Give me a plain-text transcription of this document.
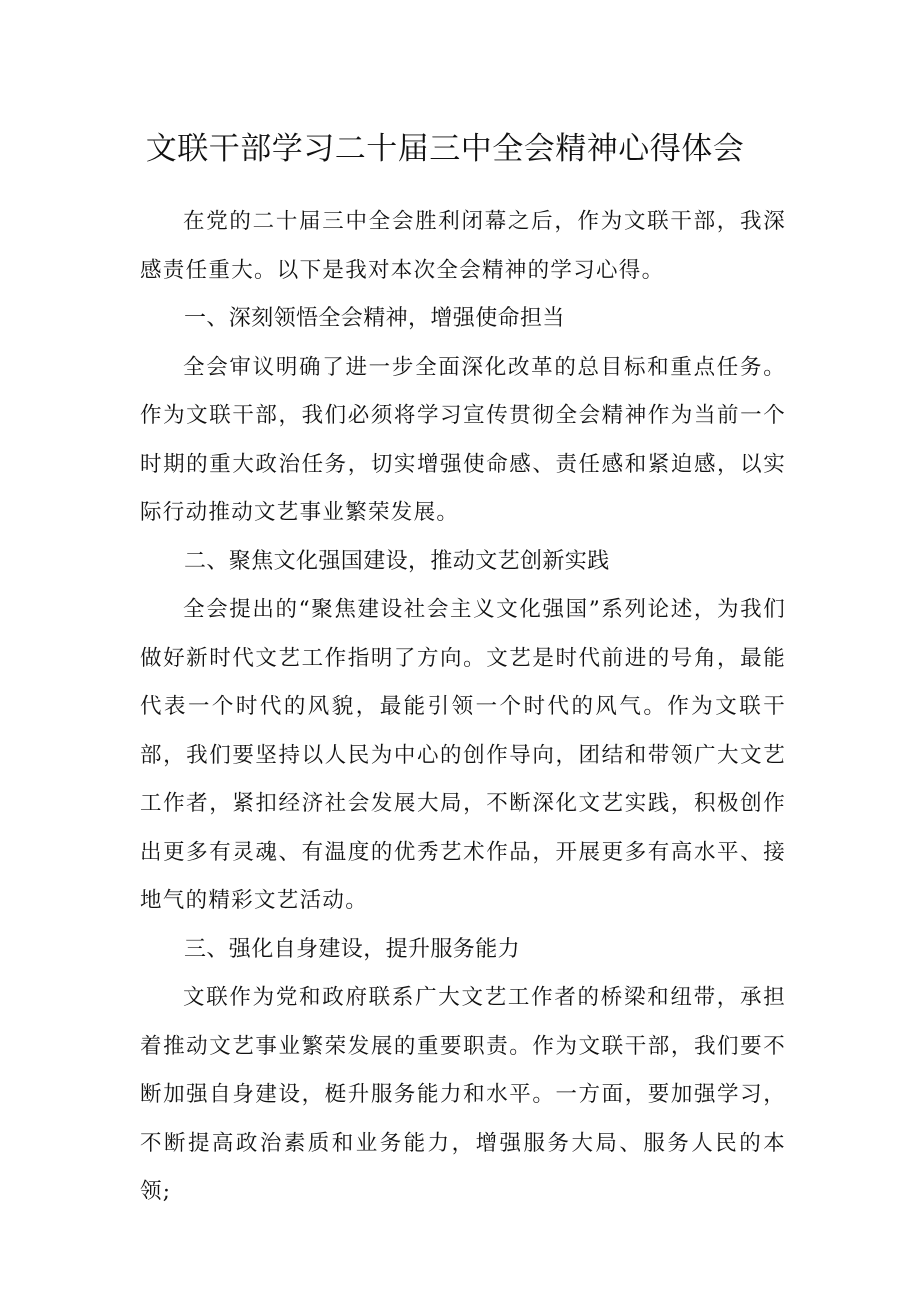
文联干部学习二十届三中全会精神心得体会

在党的二十届三中全会胜利闭幕之后，作为文联干部，我深感责任重大。以下是我对本次全会精神的学习心得。

一、深刻领悟全会精神，增强使命担当

全会审议明确了进一步全面深化改革的总目标和重点任务。作为文联干部，我们必须将学习宣传贯彻全会精神作为当前一个时期的重大政治任务，切实增强使命感、责任感和紧迫感，以实际行动推动文艺事业繁荣发展。

二、聚焦文化强国建设，推动文艺创新实践

全会提出的“聚焦建设社会主义文化强国”系列论述，为我们做好新时代文艺工作指明了方向。文艺是时代前进的号角，最能代表一个时代的风貌，最能引领一个时代的风气。作为文联干部，我们要坚持以人民为中心的创作导向，团结和带领广大文艺工作者，紧扣经济社会发展大局，不断深化文艺实践，积极创作出更多有灵魂、有温度的优秀艺术作品，开展更多有高水平、接地气的精彩文艺活动。

三、强化自身建设，提升服务能力

文联作为党和政府联系广大文艺工作者的桥梁和纽带，承担着推动文艺事业繁荣发展的重要职责。作为文联干部，我们要不断加强自身建设，梃升服务能力和水平。一方面，要加强学习，不断提高政治素质和业务能力，增强服务大局、服务人民的本领;
